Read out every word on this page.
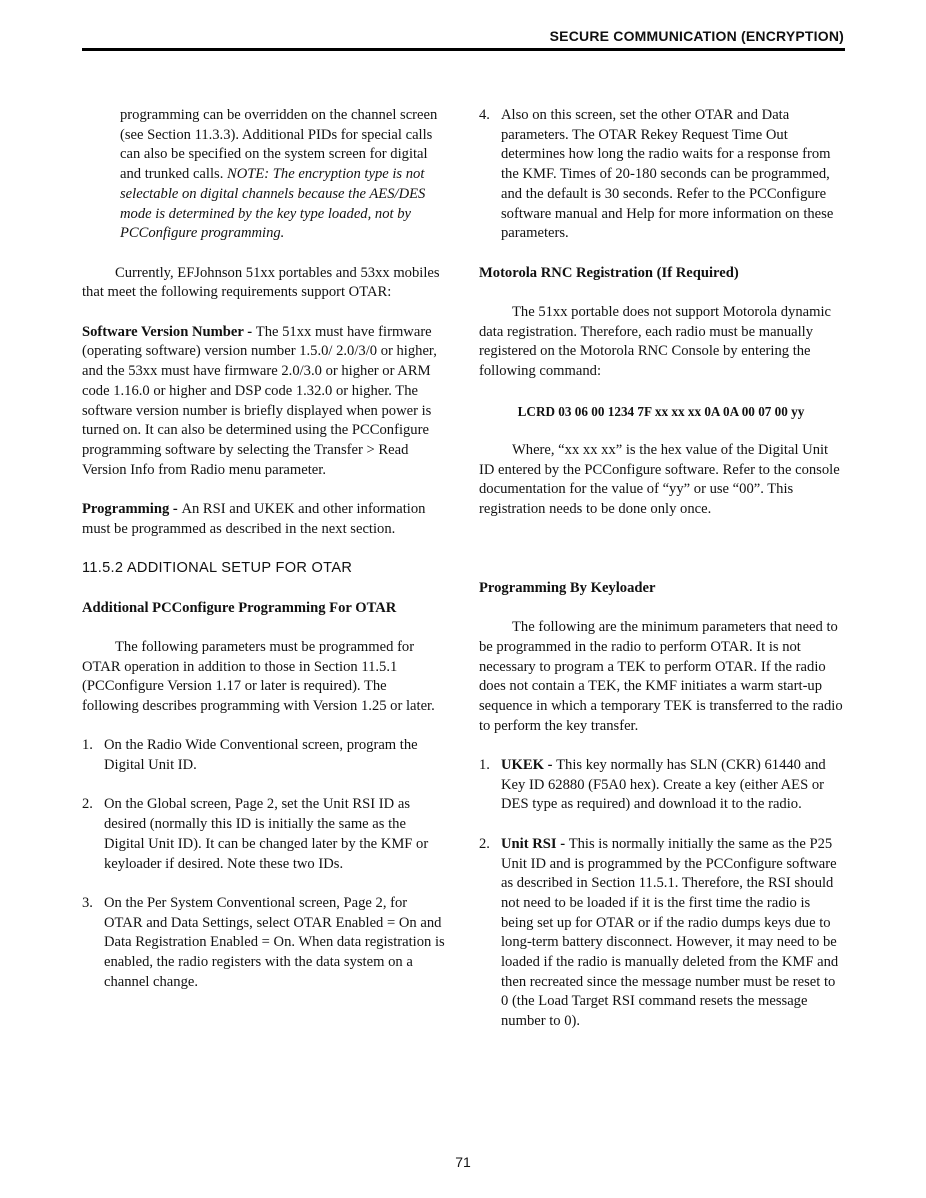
SECURE COMMUNICATION (ENCRYPTION)

programming can be overridden on the channel screen (see Section 11.3.3). Additional PIDs for special calls can also be specified on the system screen for digital and trunked calls. NOTE: The encryption type is not selectable on digital channels because the AES/DES mode is determined by the key type loaded, not by PCConfigure programming.

Currently, EFJohnson 51xx portables and 53xx mobiles that meet the following requirements support OTAR:

Software Version Number - The 51xx must have firmware (operating software) version number 1.5.0/ 2.0/3/0 or higher, and the 53xx must have firmware 2.0/3.0 or higher or ARM code 1.16.0 or higher and DSP code 1.32.0 or higher. The software version number is briefly displayed when power is turned on. It can also be determined using the PCConfigure programming software by selecting the Transfer > Read Version Info from Radio menu parameter.

Programming - An RSI and UKEK and other information must be programmed as described in the next section.

11.5.2 ADDITIONAL SETUP FOR OTAR

Additional PCConfigure Programming For OTAR

The following parameters must be programmed for OTAR operation in addition to those in Section 11.5.1 (PCConfigure Version 1.17 or later is required). The following describes programming with Version 1.25 or later.

1. On the Radio Wide Conventional screen, program the Digital Unit ID.
2. On the Global screen, Page 2, set the Unit RSI ID as desired (normally this ID is initially the same as the Digital Unit ID). It can be changed later by the KMF or keyloader if desired. Note these two IDs.
3. On the Per System Conventional screen, Page 2, for OTAR and Data Settings, select OTAR Enabled = On and Data Registration Enabled = On. When data registration is enabled, the radio registers with the data system on a channel change.
4. Also on this screen, set the other OTAR and Data parameters. The OTAR Rekey Request Time Out determines how long the radio waits for a response from the KMF. Times of 20-180 seconds can be programmed, and the default is 30 seconds. Refer to the PCConfigure software manual and Help for more information on these parameters.

Motorola RNC Registration (If Required)

The 51xx portable does not support Motorola dynamic data registration. Therefore, each radio must be manually registered on the Motorola RNC Console by entering the following command:

LCRD 03 06 00 1234 7F xx xx xx 0A 0A 00 07 00 yy

Where, “xx xx xx” is the hex value of the Digital Unit ID entered by the PCConfigure software. Refer to the console documentation for the value of “yy” or use “00”. This registration needs to be done only once.

Programming By Keyloader

The following are the minimum parameters that need to be programmed in the radio to perform OTAR. It is not necessary to program a TEK to perform OTAR. If the radio does not contain a TEK, the KMF initiates a warm start-up sequence in which a temporary TEK is transferred to the radio to perform the key transfer.

1. UKEK - This key normally has SLN (CKR) 61440 and Key ID 62880 (F5A0 hex). Create a key (either AES or DES type as required) and download it to the radio.
2. Unit RSI - This is normally initially the same as the P25 Unit ID and is programmed by the PCConfigure software as described in Section 11.5.1. Therefore, the RSI should not need to be loaded if it is the first time the radio is being set up for OTAR or if the radio dumps keys due to long-term battery disconnect. However, it may need to be loaded if the radio is manually deleted from the KMF and then recreated since the message number must be reset to 0 (the Load Target RSI command resets the message number to 0).
71
